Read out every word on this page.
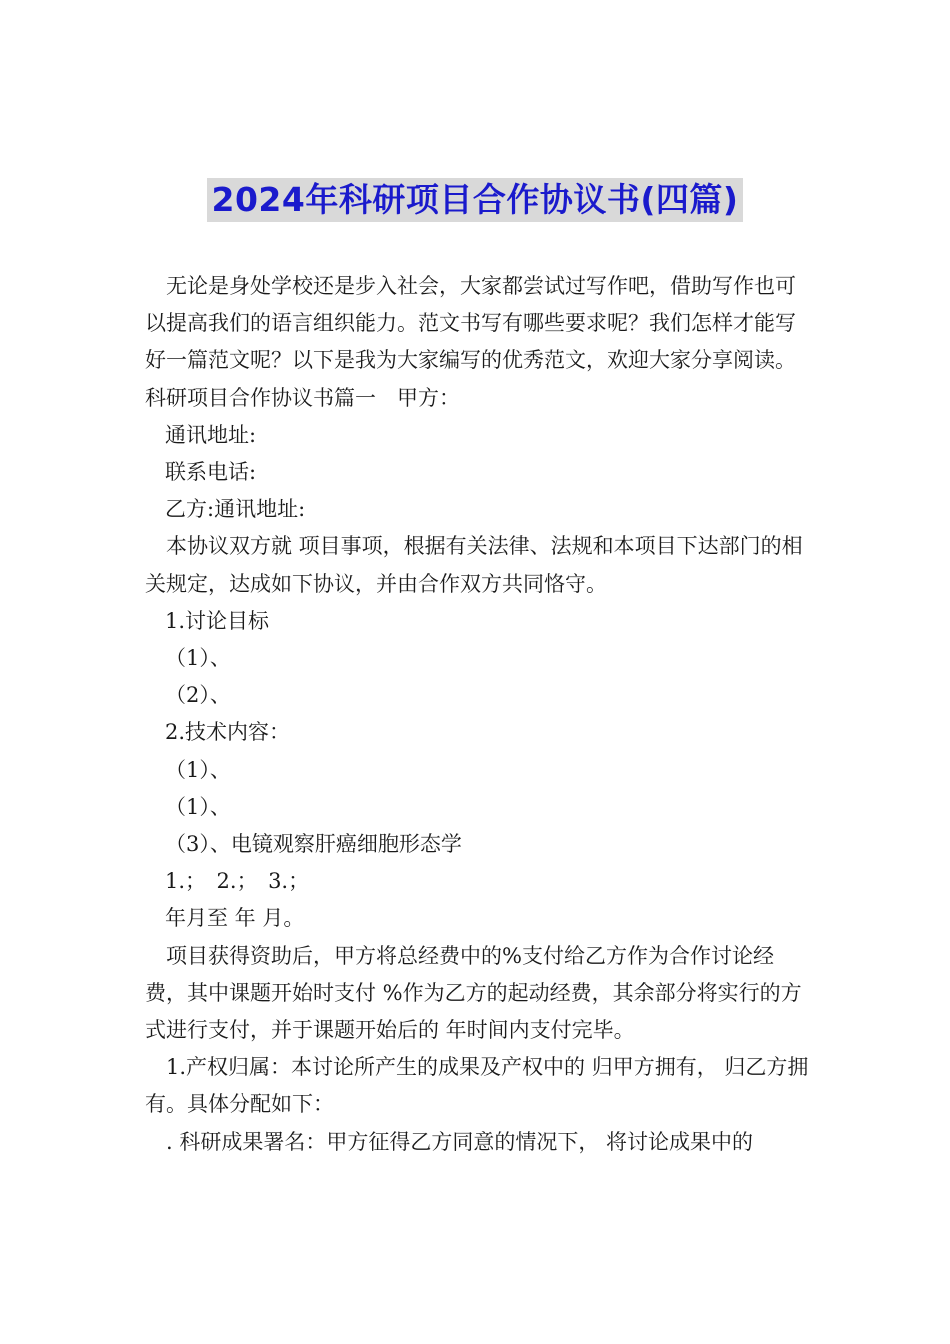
2024年科研项目合作协议书(四篇)

无论是身处学校还是步入社会，大家都尝试过写作吧，借助写作也可以提高我们的语言组织能力。范文书写有哪些要求呢？我们怎样才能写好一篇范文呢？以下是我为大家编写的优秀范文，欢迎大家分享阅读。

科研项目合作协议书篇一　甲方：

通讯地址:

联系电话:

乙方:通讯地址:

本协议双方就 项目事项，根据有关法律、法规和本项目下达部门的相关规定，达成如下协议，并由合作双方共同恪守。

1.讨论目标

（1）、

（2）、

2.技术内容：

（1）、

（1）、

（3）、电镜观察肝癌细胞形态学

1.；　2.；　3.；

年月至 年 月。

项目获得资助后，甲方将总经费中的%支付给乙方作为合作讨论经费，其中课题开始时支付 %作为乙方的起动经费，其余部分将实行的方式进行支付，并于课题开始后的 年时间内支付完毕。

1.产权归属：本讨论所产生的成果及产权中的 归甲方拥有， 归乙方拥有。具体分配如下：

. 科研成果署名：甲方征得乙方同意的情况下， 将讨论成果中的
